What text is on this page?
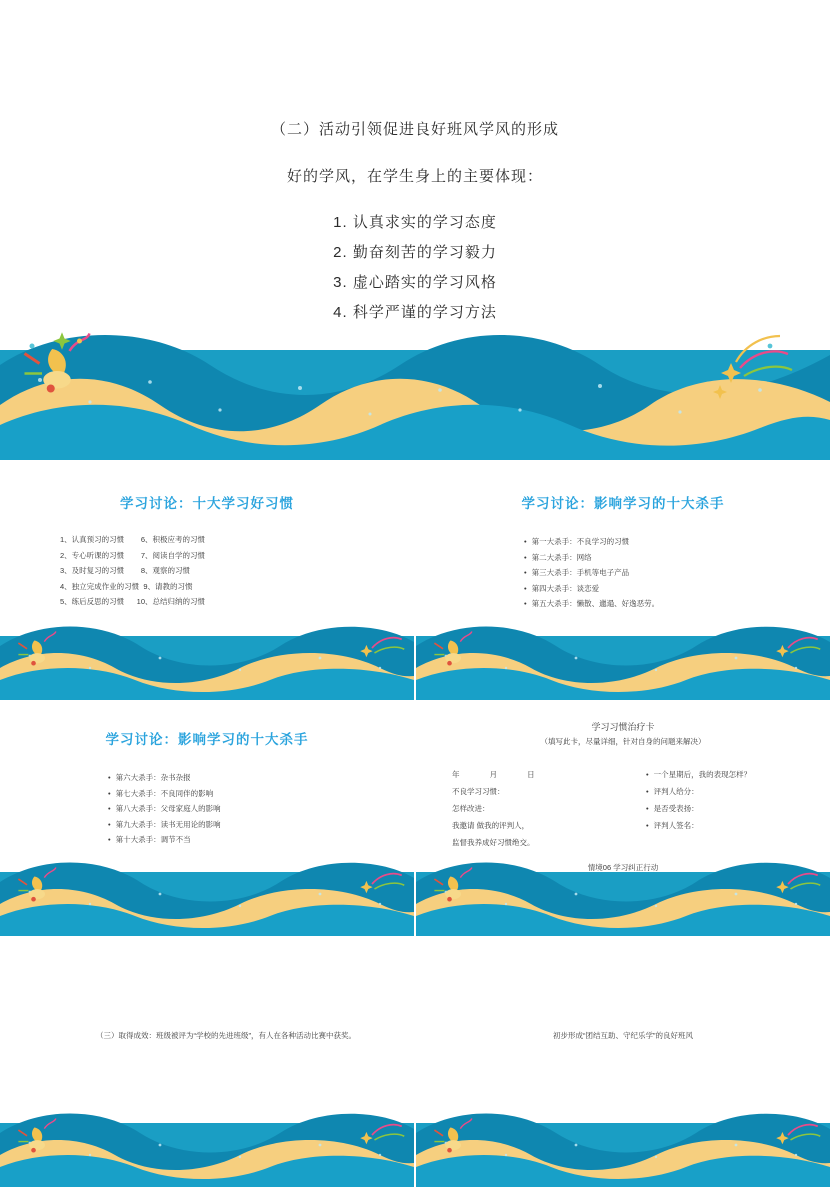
（二）活动引领促进良好班风学风的形成
好的学风，在学生身上的主要体现：
1. 认真求实的学习态度
2. 勤奋刻苦的学习毅力
3. 虚心踏实的学习风格
4. 科学严谨的学习方法
学习讨论：十大学习好习惯
1、认真预习的习惯        6、积极应考的习惯
2、专心听课的习惯        7、阅读自学的习惯
3、及时复习的习惯        8、观察的习惯
4、独立完成作业的习惯  9、请教的习惯
5、练后反思的习惯      10、总结归纳的习惯
学习讨论：影响学习的十大杀手
• 第一大杀手：不良学习的习惯
• 第二大杀手：网络
• 第三大杀手：手机等电子产品
• 第四大杀手：谈恋爱
• 第五大杀手：懒散、邋遢、好逸恶劳。
学习讨论：影响学习的十大杀手
• 第六大杀手：杂书杂报
• 第七大杀手：不良同伴的影响
• 第八大杀手：父母家庭人的影响
• 第九大杀手：读书无用论的影响
• 第十大杀手：调节不当
学习习惯治疗卡
（填写此卡，尽量详细，针对自身的问题来解决）
年 月 日
不良学习习惯：
怎样改进：
我邀请 做我的评判人，
监督我养成好习惯绝交。
• 一个星期后，我的表现怎样？
• 评判人给分：
• 是否受表扬：
• 评判人签名：
情境06 学习纠正行动
（三）取得成效：班级被评为“学校的先进班级”，有人在各种活动比赛中获奖。	初步形成“团结互助、守纪乐学”的良好班风
